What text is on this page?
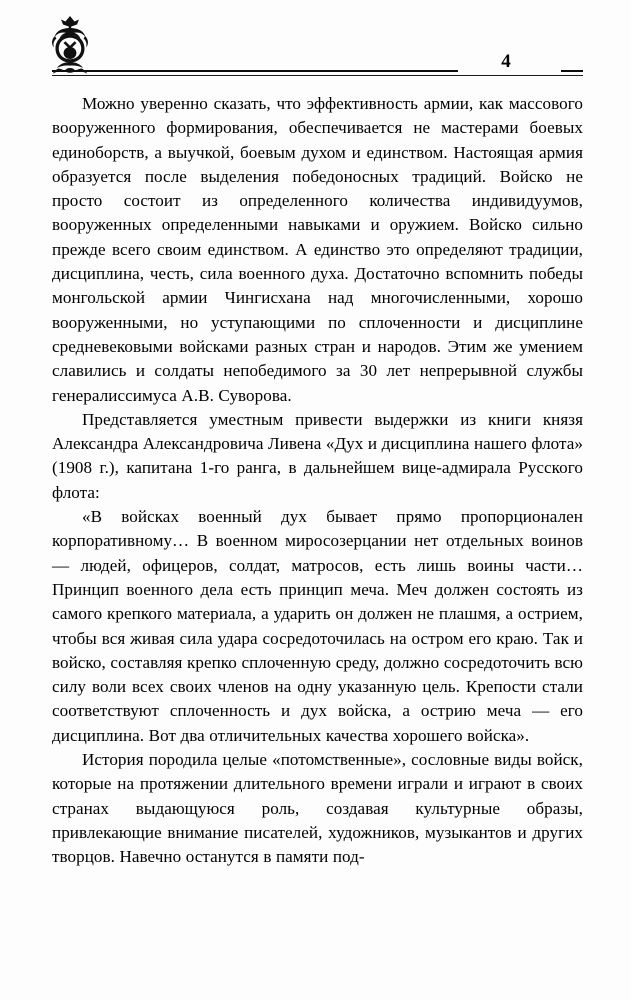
4

Можно уверенно сказать, что эффективность армии, как массового вооруженного формирования, обеспечивается не мастерами боевых единоборств, а выучкой, боевым духом и единством. Настоящая армия образуется после выделения победоносных традиций. Войско не просто состоит из определенного количества индивидуумов, вооруженных определенными навыками и оружием. Войско сильно прежде всего своим единством. А единство это определяют традиции, дисциплина, честь, сила военного духа. Достаточно вспомнить победы монгольской армии Чингисхана над многочисленными, хорошо вооруженными, но уступающими по сплоченности и дисциплине средневековыми войсками разных стран и народов. Этим же умением славились и солдаты непобедимого за 30 лет непрерывной службы генералиссимуса А.В. Суворова.

Представляется уместным привести выдержки из книги князя Александра Александровича Ливена «Дух и дисциплина нашего флота» (1908 г.), капитана 1-го ранга, в дальнейшем вице-адмирала Русского флота:

«В войсках военный дух бывает прямо пропорционален корпоративному… В военном миросозерцании нет отдельных воинов — людей, офицеров, солдат, матросов, есть лишь воины части… Принцип военного дела есть принцип меча. Меч должен состоять из самого крепкого материала, а ударить он должен не плашмя, а острием, чтобы вся живая сила удара сосредоточилась на остром его краю. Так и войско, составляя крепко сплоченную среду, должно сосредоточить всю силу воли всех своих членов на одну указанную цель. Крепости стали соответствуют сплоченность и дух войска, а острию меча — его дисциплина. Вот два отличительных качества хорошего войска».

История породила целые «потомственные», сословные виды войск, которые на протяжении длительного времени играли и играют в своих странах выдающуюся роль, создавая культурные образы, привлекающие внимание писателей, художников, музыкантов и других творцов. Навечно останутся в памяти под-
